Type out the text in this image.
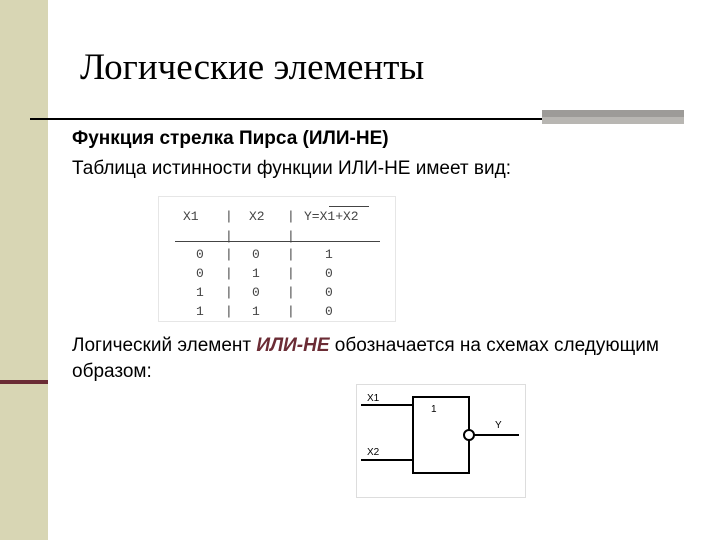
Логические элементы
Функция стрелка Пирса (ИЛИ-НЕ)
Таблица истинности функции ИЛИ-НЕ имеет вид:
X1 | X2 | Y=X1+X2
|	|
0 | 0 | 1
0 | 1 | 0
1 | 0 | 0
1 | 1 | 0
Логический элемент ИЛИ-НЕ обозначается на схемах следующим образом:
X1
X2
1
Y
